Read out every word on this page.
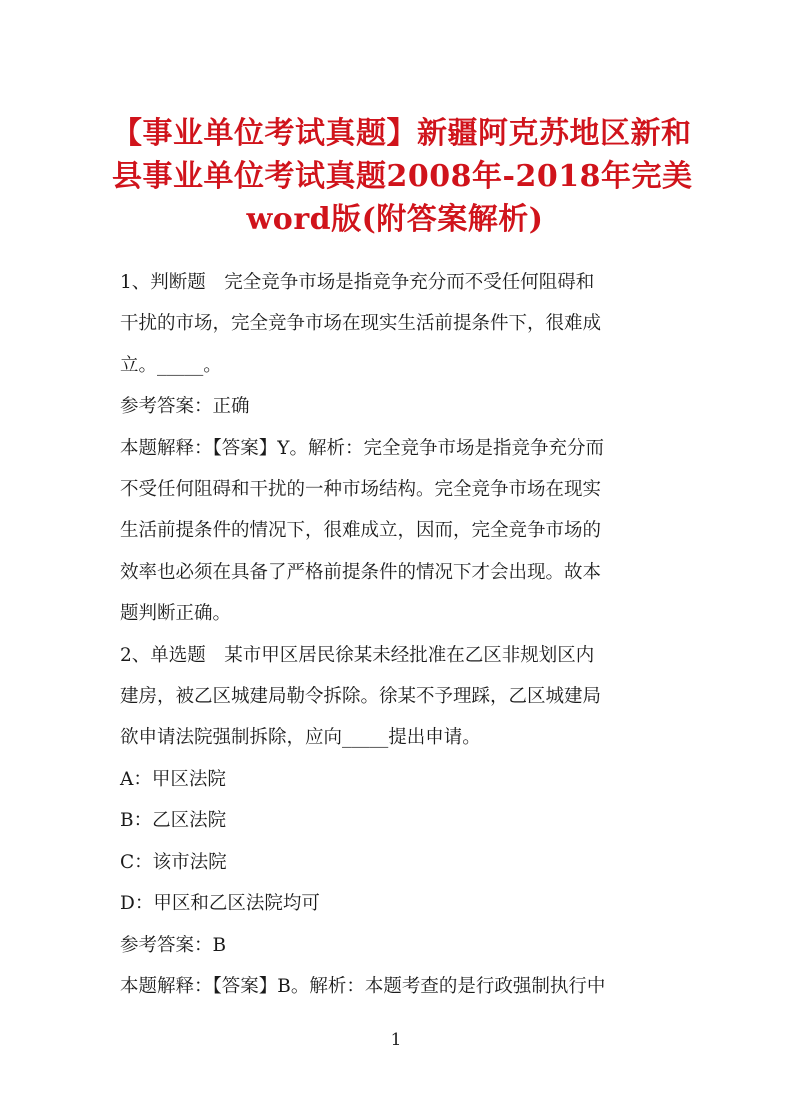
【事业单位考试真题】新疆阿克苏地区新和
县事业单位考试真题2008年-2018年完美
word版(附答案解析)

1、判断题　完全竞争市场是指竞争充分而不受任何阻碍和

干扰的市场，完全竞争市场在现实生活前提条件下，很难成

立。_____。

参考答案：正确

本题解释：【答案】Y。解析：完全竞争市场是指竞争充分而

不受任何阻碍和干扰的一种市场结构。完全竞争市场在现实

生活前提条件的情况下，很难成立，因而，完全竞争市场的

效率也必须在具备了严格前提条件的情况下才会出现。故本

题判断正确。

2、单选题　某市甲区居民徐某未经批准在乙区非规划区内

建房，被乙区城建局勒令拆除。徐某不予理踩，乙区城建局

欲申请法院强制拆除，应向_____提出申请。

A：甲区法院

B：乙区法院

C：该市法院

D：甲区和乙区法院均可

参考答案：B

本题解释：【答案】B。解析：本题考查的是行政强制执行中

1
